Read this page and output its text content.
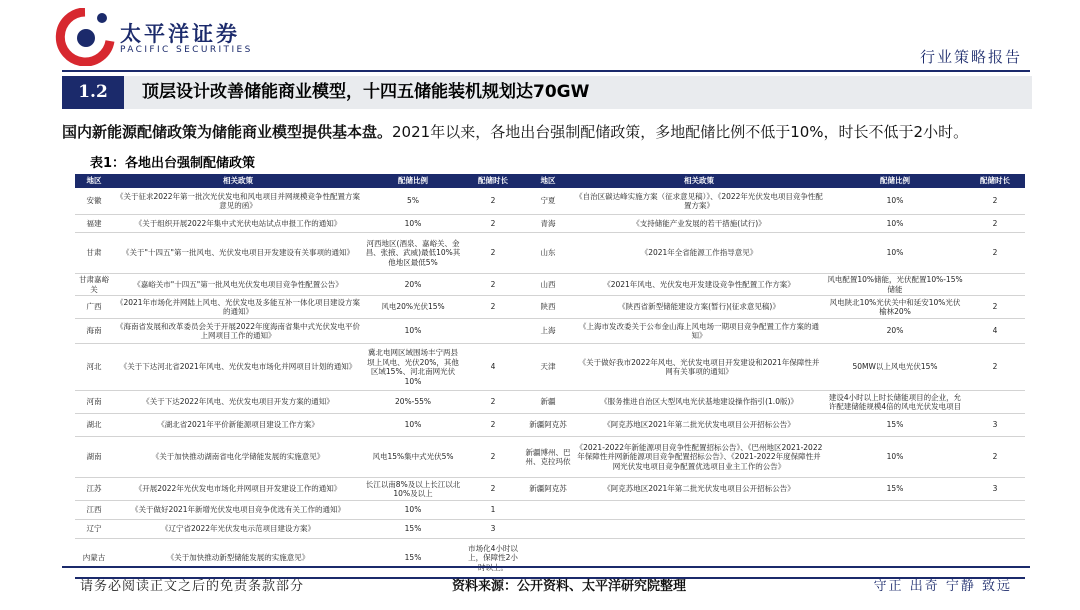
太平洋证券
PACIFIC SECURITIES	行业策略报告
1.2	顶层设计改善储能商业模型，十四五储能装机规划达70GW
国内新能源配储政策为储能商业模型提供基本盘。2021年以来，各地出台强制配储政策，多地配储比例不低于10%，时长不低于2小时。
表1：各地出台强制配储政策
地区	相关政策	配储比例	配储时长	地区	相关政策	配储比例	配储时长
安徽	《关于征求2022年第一批次光伏发电和风电项目并网规模竞争性配置方案意见的函》	5%	2	宁夏	《自治区碳达峰实施方案（征求意见稿）》、《2022年光伏发电项目竞争性配置方案》	10%	2
福建	《关于组织开展2022年集中式光伏电站试点申报工作的通知》	10%	2	青海	《支持储能产业发展的若干措施(试行)》	10%	2
甘肃	《关于"十四五"第一批风电、光伏发电项目开发建设有关事项的通知》	河西地区(酒泉、嘉峪关、金昌、张掖、武威)最低10%其他地区最低5%	2	山东	《2021年全省能源工作指导意见》	10%	2
甘肃嘉峪关	《嘉峪关市"十四五"第一批风电光伏发电项目竞争性配置公告》	20%	2	山西	《2021年风电、光伏发电开发建设竞争性配置工作方案》	风电配置10%储能，光伏配置10%-15%储能	
广西	《2021年市场化并网陆上风电、光伏发电及多能互补一体化项目建设方案的通知》	风电20%光伏15%	2	陕西	《陕西省新型储能建设方案(暂行)(征求意见稿)》	风电陕北10%光伏关中和延安10%光伏榆林20%	2
海南	《海南省发展和改革委员会关于开展2022年度海南省集中式光伏发电平价上网项目工作的通知》	10%		上海	《上海市发改委关于公布金山海上风电场一期项目竞争配置工作方案的通知》	20%	4
河北	《关于下达河北省2021年风电、光伏发电市场化并网项目计划的通知》	冀北电网区域围场丰宁两县坝上风电、光伏20%，其他区域15%、河北南网光伏10%	4	天津	《关于做好我市2022年风电、光伏发电项目开发建设和2021年保障性并网有关事项的通知》	50MW以上风电光伏15%	2
河南	《关于下达2022年风电、光伏发电项目开发方案的通知》	20%-55%	2	新疆	《服务推进自治区大型风电光伏基地建设操作指引(1.0版)》	建设4小时以上时长储能项目的企业，允许配建储能规模4倍的风电光伏发电项目	
湖北	《湖北省2021年平价新能源项目建设工作方案》	10%	2	新疆阿克苏	《阿克苏地区2021年第二批光伏发电项目公开招标公告》	15%	3
湖南	《关于加快推动湖南省电化学储能发展的实施意见》	风电15%集中式光伏5%	2	新疆博州、巴州、克拉玛依	《2021-2022年新能源项目竞争性配置招标公告》、《巴州地区2021-2022年保障性并网新能源项目竞争配置招标公告》、《2021-2022年度保障性并网光伏发电项目竞争配置优选项目业主工作的公告》	10%	2
江苏	《开展2022年光伏发电市场化并网项目开发建设工作的通知》	长江以南8%及以上长江以北10%及以上	2	新疆阿克苏	《阿克苏地区2021年第二批光伏发电项目公开招标公告》	15%	3
江西	《关于做好2021年新增光伏发电项目竞争优选有关工作的通知》	10%	1				
辽宁	《辽宁省2022年光伏发电示范项目建设方案》	15%	3				
内蒙古	《关于加快推动新型储能发展的实施意见》	15%	市场化4小时以上，保障性2小				
请务必阅读正文之后的免责条款部分	资料来源：公开资料、太平洋研究院整理	守正 出奇 宁静 致远
